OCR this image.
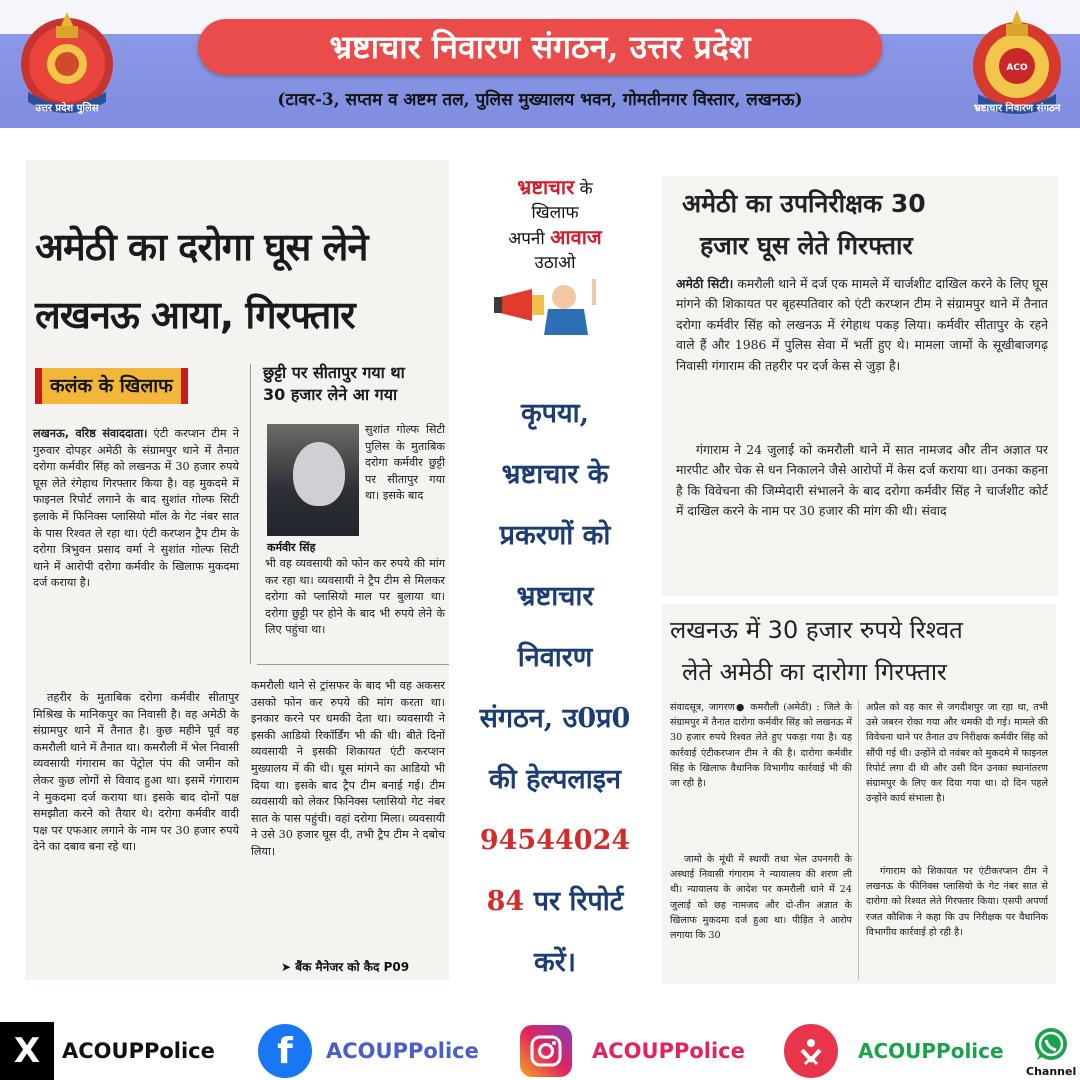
उत्तर प्रदेश पुलिस
भ्रष्टाचार निवारण संगठन, उत्तर प्रदेश
(टावर-3, सप्तम व अष्टम तल, पुलिस मुख्यालय भवन, गोमतीनगर विस्तार, लखनऊ)
ACO
भ्रष्टाचार निवारण संगठन
अमेठी का दरोगा घूस लेने
लखनऊ आया, गिरफ्तार
कलंक के खिलाफ
छुट्टी पर सीतापुर गया था
30 हजार लेने आ गया
लखनऊ, वरिष्ठ संवाददाता। एंटी करप्शन टीम ने गुरुवार दोपहर अमेठी के संग्रामपुर थाने में तैनात दरोगा कर्मवीर सिंह को लखनऊ में 30 हजार रुपये घूस लेते रंगेहाथ गिरफ्तार किया है। वह मुकदमे में फाइनल रिपोर्ट लगाने के बाद सुशांत गोल्फ सिटी इलाके में फिनिक्स प्लासियो मॉल के गेट नंबर सात के पास रिश्वत ले रहा था। एंटी करप्शन ट्रैप टीम के दरोगा त्रिभुवन प्रसाद वर्मा ने सुशांत गोल्फ सिटी थाने में आरोपी दरोगा कर्मवीर के खिलाफ मुकदमा दर्ज कराया है।
तहरीर के मुताबिक दरोगा कर्मवीर सीतापुर मिश्रिख के मानिकपुर का निवासी है। वह अमेठी के संग्रामपुर थाने में तैनात है। कुछ महीने पूर्व वह कमरौली थाने में तैनात था। कमरौली में भेल निवासी व्यवसायी गंगाराम का पेट्रोल पंप की जमीन को लेकर कुछ लोगों से विवाद हुआ था। इसमें गंगाराम ने मुकदमा दर्ज कराया था। इसके बाद दोनों पक्ष समझौता करने को तैयार थे। दरोगा कर्मवीर वादी पक्ष पर एफआर लगाने के नाम पर 30 हजार रुपये देने का दबाव बना रहे था।
कर्मवीर सिंह
सुशांत गोल्फ सिटी पुलिस के मुताबिक दरोगा कर्मवीर छुट्टी पर सीतापुर गया था। इसके बाद
भी वह व्यवसायी को फोन कर रुपये की मांग कर रहा था। व्यवसायी ने ट्रैप टीम से मिलकर दरोगा को प्लासियो माल पर बुलाया था। दरोगा छुट्टी पर होने के बाद भी रुपये लेने के लिए पहुंचा था।
कमरौली थाने से ट्रांसफर के बाद भी वह अकसर उसको फोन कर रुपये की मांग करता था। इनकार करने पर धमकी देता था। व्यवसायी ने इसकी आडियो रिकॉर्डिंग भी की थी। बीते दिनों व्यवसायी ने इसकी शिकायत एंटी करप्शन मुख्यालय में की थी। घूस मांगने का आडियो भी दिया था। इसके बाद ट्रैप टीम बनाई गई। टीम व्यवसायी को लेकर फिनिक्स प्लासियो गेट नंबर सात के पास पहुंची। वहां दरोगा मिला। व्यवसायी ने उसे 30 हजार घूस दी, तभी ट्रैप टीम ने दबोच लिया।
➤ बैंक मैनेजर को कैद P09
भ्रष्टाचार के
खिलाफ
अपनी आवाज
उठाओ
कृपया,
भ्रष्टाचार के
प्रकरणों को
भ्रष्टाचार
निवारण
संगठन, उ0प्र0
की हेल्पलाइन
94544024
84 पर रिपोर्ट
करें।
अमेठी का उपनिरीक्षक 30
हजार घूस लेते गिरफ्तार
अमेठी सिटी। कमरौली थाने में दर्ज एक मामले में चार्जशीट दाखिल करने के लिए घूस मांगने की शिकायत पर बृहस्पतिवार को एंटी करप्शन टीम ने संग्रामपुर थाने में तैनात दरोगा कर्मवीर सिंह को लखनऊ में रंगेहाथ पकड़ लिया। कर्मवीर सीतापुर के रहने वाले हैं और 1986 में पुलिस सेवा में भर्ती हुए थे। मामला जामों के सूखीबाजगढ़ निवासी गंगाराम की तहरीर पर दर्ज केस से जुड़ा है।
गंगाराम ने 24 जुलाई को कमरौली थाने में सात नामजद और तीन अज्ञात पर मारपीट और चेक से धन निकालने जैसे आरोपों में केस दर्ज कराया था। उनका कहना है कि विवेचना की जिम्मेदारी संभालने के बाद दरोगा कर्मवीर सिंह ने चार्जशीट कोर्ट में दाखिल करने के नाम पर 30 हजार की मांग की थी। संवाद
लखनऊ में 30 हजार रुपये रिश्वत
लेते अमेठी का दारोगा गिरफ्तार
संवादसूत्र, जागरण● कमरौली (अमेठी) : जिले के संग्रामपुर में तैनात दारोगा कर्मवीर सिंह को लखनऊ में 30 हजार रुपये रिश्वत लेते हुए पकड़ा गया है। यह कार्रवाई एंटीकरप्शन टीम ने की है। दारोगा कर्मवीर सिंह के खिलाफ वैधानिक विभागीय कार्रवाई भी की जा रही है।
जामो के मूंधी में स्थायी तथा भेल उपनगरी के अस्थाई निवासी गंगाराम ने न्यायालय की शरण ली थी। न्यायालय के आदेश पर कमरौली थाने में 24 जुलाई को छह नामजद और दो-तीन अज्ञात के खिलाफ मुकदमा दर्ज हुआ था। पीड़ित ने आरोप लगाया कि 30
अप्रैल को वह कार से जगदीशपुर जा रहा था, तभी उसे जबरन रोका गया और धमकी दी गई। मामले की विवेचना थाने पर तैनात उप निरीक्षक कर्मवीर सिंह को सौंपी गई थी। उन्होंने दो नवंबर को मुकदमे में फाइनल रिपोर्ट लगा दी थी और उसी दिन उनका स्थानांतरण संग्रामपुर के लिए कर दिया गया था। दो दिन पहले उन्होंने कार्य संभाला है।
गंगाराम को शिकायत पर एंटीकरप्शन टीम ने लखनऊ के फीनिक्स प्लासियो के गेट नंबर सात से दारोगा को रिश्वत लेते गिरफ्तार किया। एसपी अपर्णा रजत कौशिक ने कहा कि उप निरीक्षक पर वैधानिक विभागीय कार्रवाई हो रही है।
X	ACOUPPolice	f	ACOUPPolice	ACOUPPolice	ACOUPPolice
Channel
